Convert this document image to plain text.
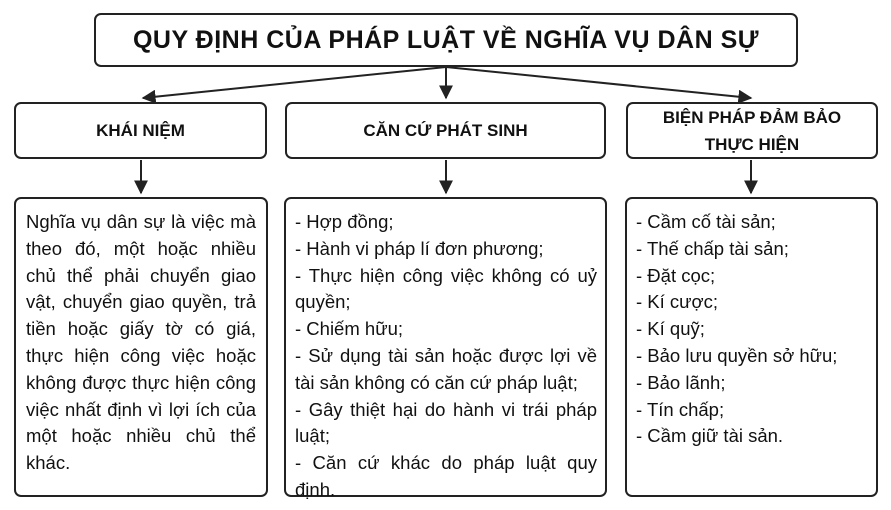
QUY ĐỊNH CỦA PHÁP LUẬT VỀ NGHĨA VỤ DÂN SỰ
KHÁI NIỆM	CĂN CỨ PHÁT SINH
BIỆN PHÁP ĐẢM BẢO
THỰC HIỆN

Nghĩa vụ dân sự là việc mà theo đó, một hoặc nhiều chủ thể phải chuyển giao vật, chuyển giao quyền, trả tiền hoặc giấy tờ có giá, thực hiện công việc hoặc không được thực hiện công việc nhất định vì lợi ích của một hoặc nhiều chủ thể khác.

- Hợp đồng;
- Hành vi pháp lí đơn phương;
- Thực hiện công việc không có uỷ quyền;
- Chiếm hữu;
- Sử dụng tài sản hoặc được lợi về tài sản không có căn cứ pháp luật;
- Gây thiệt hại do hành vi trái pháp luật;
- Căn cứ khác do pháp luật quy định.
- Cầm cố tài sản;
- Thế chấp tài sản;
- Đặt cọc;
- Kí cược;
- Kí quỹ;
- Bảo lưu quyền sở hữu;
- Bảo lãnh;
- Tín chấp;
- Cầm giữ tài sản.
